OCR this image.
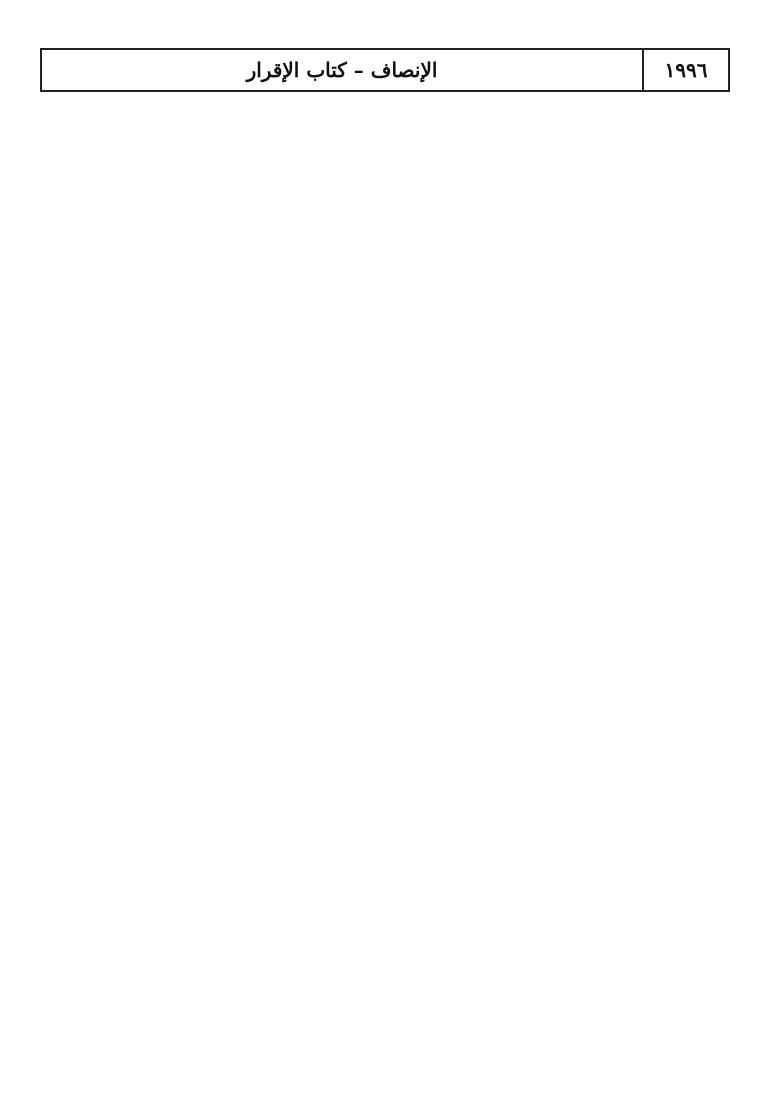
١٩٩٦
الإنصاف – كتاب الإقرار
